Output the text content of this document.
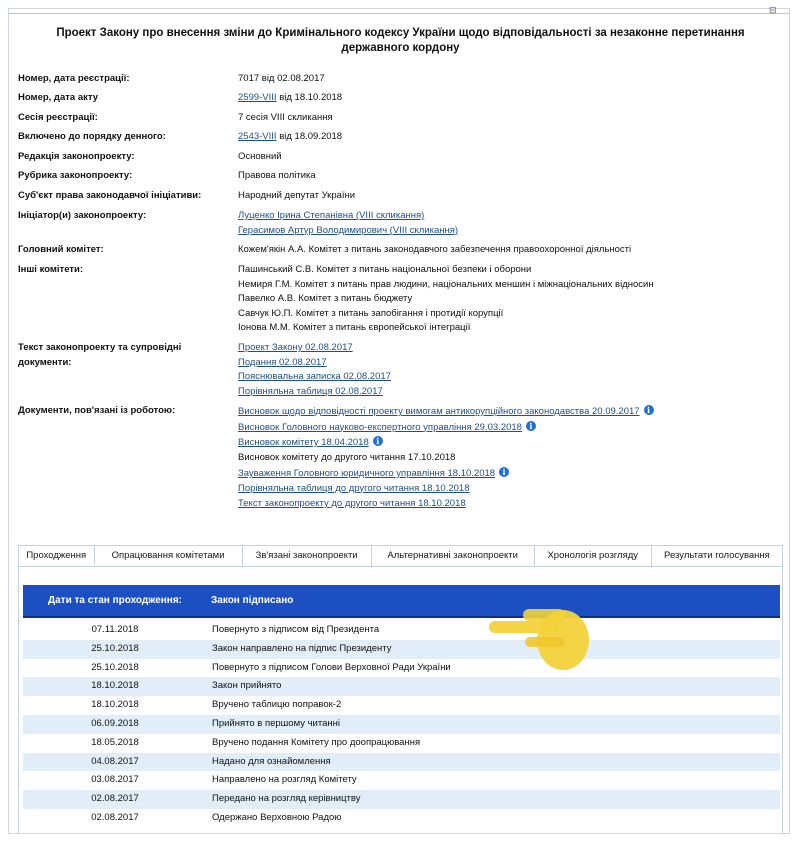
⊟
Проект Закону про внесення зміни до Кримінального кодексу України щодо відповідальності за незаконне перетинання державного кордону
Номер, дата реєстрації:	7017 від 02.08.2017
Номер, дата акту	2599-VIII від 18.10.2018
Сесія реєстрації:	7 сесія VIII скликання
Включено до порядку денного:	2543-VIII від 18.09.2018
Редакція законопроекту:	Основний
Рубрика законопроекту:	Правова політика
Суб'єкт права законодавчої ініціативи:	Народний депутат України
Ініціатор(и) законопроекту:	Луценко Ірина Степанівна (VIII скликання)
Герасимов Артур Володимирович (VIII скликання)
Головний комітет:	Кожем'якін А.А. Комітет з питань законодавчого забезпечення правоохоронної діяльності
Інші комітети:	Пашинський С.В. Комітет з питань національної безпеки і оборони
Немиря Г.М. Комітет з питань прав людини, національних меншин і міжнаціональних відносин
Павелко А.В. Комітет з питань бюджету
Савчук Ю.П. Комітет з питань запобігання і протидії корупції
Іонова М.М. Комітет з питань європейської інтеграції
Текст законопроекту та супровідні
документи:
Проект Закону 02.08.2017
Подання 02.08.2017
Пояснювальна записка 02.08.2017
Порівняльна таблиця 02.08.2017
Документи, пов'язані із роботою:	Висновок щодо відповідності проекту вимогам антикорупційного законодавства 20.09.2017 i
Висновок Головного науково-експертного управління 29.03.2018 i
Висновок комітету 18.04.2018 i
Висновок комітету до другого читання 17.10.2018
Зауваження Головного юридичного управління 18.10.2018 i
Порівняльна таблиця до другого читання 18.10.2018
Текст законопроекту до другого читання 18.10.2018
Проходження	Опрацювання комітетами	Зв'язані законопроекти	Альтернативні законопроекти	Хронологія розгляду	Результати голосування
Дати та стан проходження:	Закон підписано
07.11.2018	Повернуто з підписом від Президента
25.10.2018	Закон направлено на підпис Президенту
25.10.2018	Повернуто з підписом Голови Верховної Ради України
18.10.2018	Закон прийнято
18.10.2018	Вручено таблицю поправок-2
06.09.2018	Прийнято в першому читанні
18.05.2018	Вручено подання Комітету про доопрацювання
04.08.2017	Надано для ознайомлення
03.08.2017	Направлено на розгляд Комітету
02.08.2017	Передано на розгляд керівництву
02.08.2017	Одержано Верховною Радою
